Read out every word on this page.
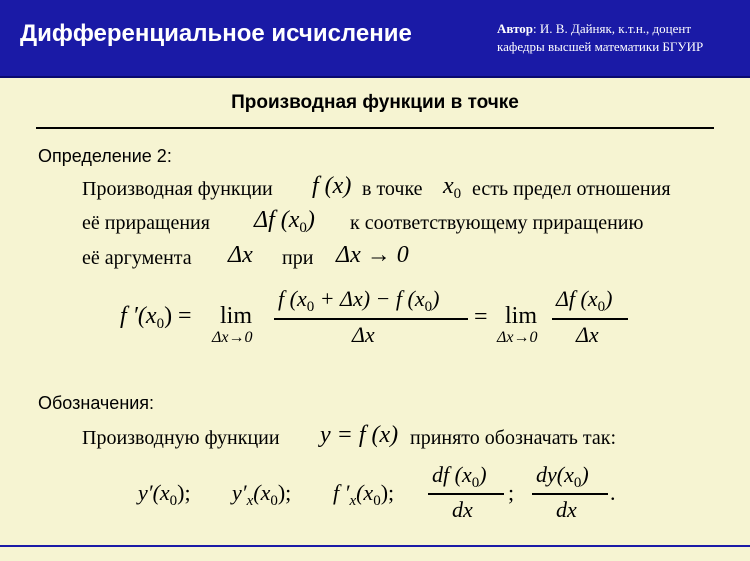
Дифференциальное исчисление	Автор: И. В. Дайняк, к.т.н., доцент
кафедры высшей математики БГУИР
Производная функции в точке
Определение 2:
Производная функции f (x) в точке $x_0$ есть предел отношения
её приращения Δf $(x_0)$ к соответствующему приращению
её аргумента Δx при Δx → 0
f $'(x_0) = \lim$
Δx→0
f $(x_0 + \Delta x) - f$ $(x_0)$
Δx
= lim
Δx→0
Δf $(x_0)$
Δx
Обозначения:
Производную функции y = f (x) принято обозначать так:
$y'(x_0)$; $y'_x(x_0)$; f $'_x(x_0)$;
df $(x_0)$
dx
;
$dy(x_0)$
dx
.
